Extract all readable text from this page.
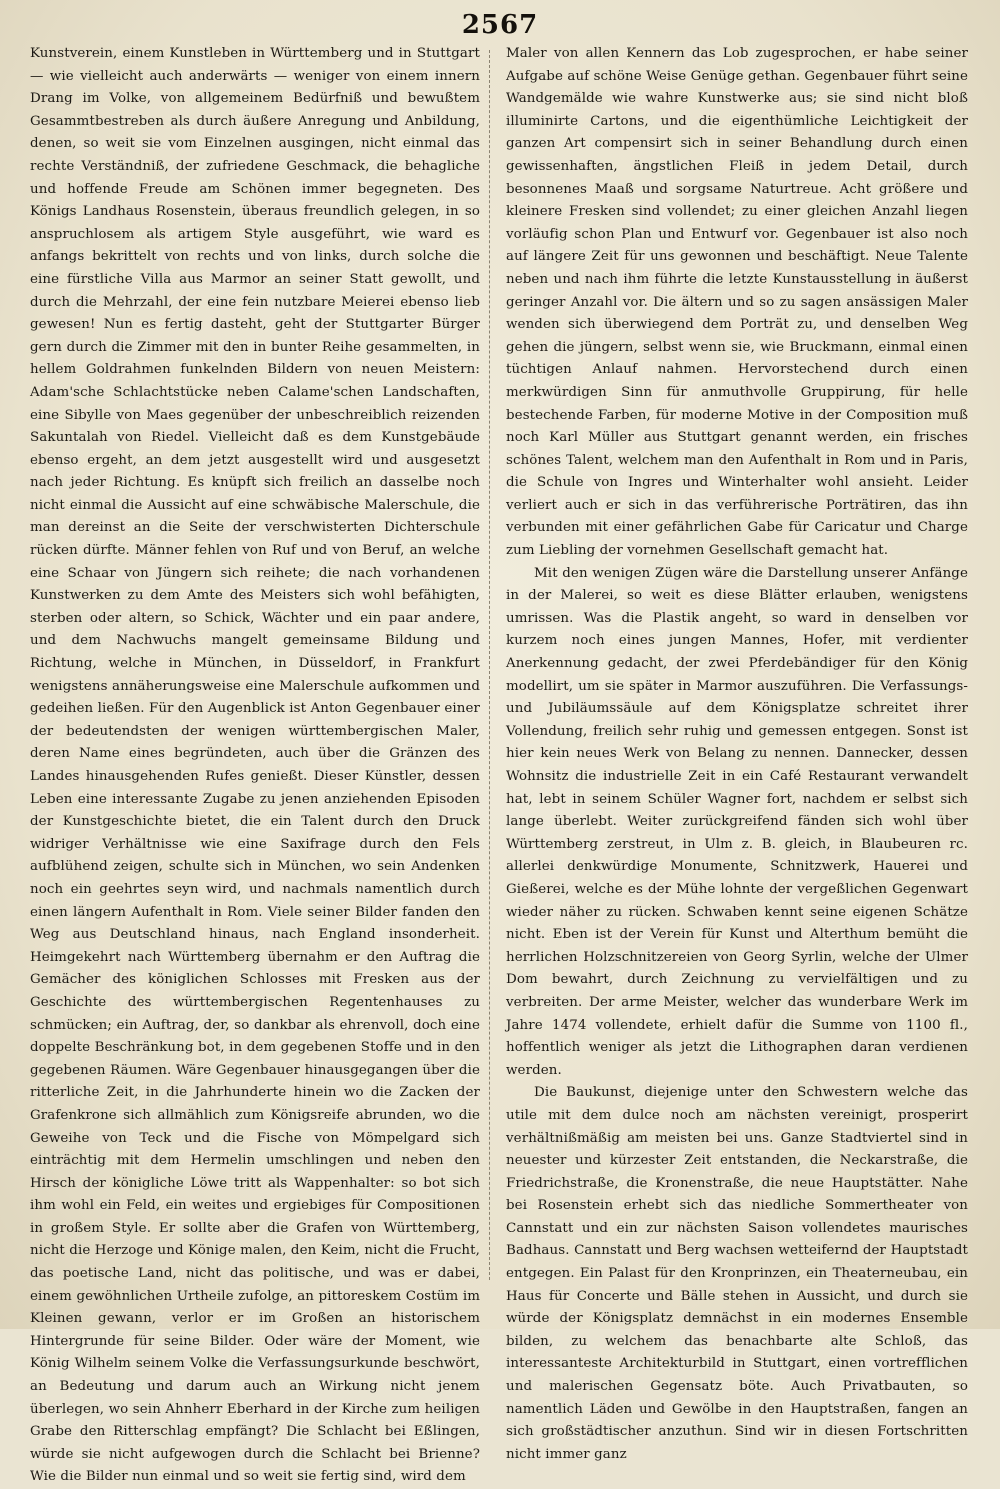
2567

Kunstverein, einem Kunstleben in Württemberg und in Stuttgart — wie vielleicht auch anderwärts — weniger von einem innern Drang im Volke, von allgemeinem Bedürfniß und bewußtem Gesammtbestreben als durch äußere Anregung und Anbildung, denen, so weit sie vom Einzelnen ausgingen, nicht einmal das rechte Verständniß, der zufriedene Geschmack, die behagliche und hoffende Freude am Schönen immer begegneten. Des Königs Landhaus Rosenstein, überaus freundlich gelegen, in so anspruchlosem als artigem Style ausgeführt, wie ward es anfangs bekrittelt von rechts und von links, durch solche die eine fürstliche Villa aus Marmor an seiner Statt gewollt, und durch die Mehrzahl, der eine fein nutzbare Meierei ebenso lieb gewesen! Nun es fertig dasteht, geht der Stuttgarter Bürger gern durch die Zimmer mit den in bunter Reihe gesammelten, in hellem Goldrahmen funkelnden Bildern von neuen Meistern: Adam'sche Schlachtstücke neben Calame'schen Landschaften, eine Sibylle von Maes gegenüber der unbeschreiblich reizenden Sakuntalah von Riedel. Vielleicht daß es dem Kunstgebäude ebenso ergeht, an dem jetzt ausgestellt wird und ausgesetzt nach jeder Richtung. Es knüpft sich freilich an dasselbe noch nicht einmal die Aussicht auf eine schwäbische Malerschule, die man dereinst an die Seite der verschwisterten Dichterschule rücken dürfte. Männer fehlen von Ruf und von Beruf, an welche eine Schaar von Jüngern sich reihete; die nach vorhandenen Kunstwerken zu dem Amte des Meisters sich wohl befähigten, sterben oder altern, so Schick, Wächter und ein paar andere, und dem Nachwuchs mangelt gemeinsame Bildung und Richtung, welche in München, in Düsseldorf, in Frankfurt wenigstens annäherungsweise eine Malerschule aufkommen und gedeihen ließen. Für den Augenblick ist Anton Gegenbauer einer der bedeutendsten der wenigen württembergischen Maler, deren Name eines begründeten, auch über die Gränzen des Landes hinausgehenden Rufes genießt. Dieser Künstler, dessen Leben eine interessante Zugabe zu jenen anziehenden Episoden der Kunstgeschichte bietet, die ein Talent durch den Druck widriger Verhältnisse wie eine Saxifrage durch den Fels aufblühend zeigen, schulte sich in München, wo sein Andenken noch ein geehrtes seyn wird, und nachmals namentlich durch einen längern Aufenthalt in Rom. Viele seiner Bilder fanden den Weg aus Deutschland hinaus, nach England insonderheit. Heimgekehrt nach Württemberg übernahm er den Auftrag die Gemächer des königlichen Schlosses mit Fresken aus der Geschichte des württembergischen Regentenhauses zu schmücken; ein Auftrag, der, so dankbar als ehrenvoll, doch eine doppelte Beschränkung bot, in dem gegebenen Stoffe und in den gegebenen Räumen. Wäre Gegenbauer hinausgegangen über die ritterliche Zeit, in die Jahrhunderte hinein wo die Zacken der Grafenkrone sich allmählich zum Königsreife abrunden, wo die Geweihe von Teck und die Fische von Mömpelgard sich einträchtig mit dem Hermelin umschlingen und neben den Hirsch der königliche Löwe tritt als Wappenhalter: so bot sich ihm wohl ein Feld, ein weites und ergiebiges für Compositionen in großem Style. Er sollte aber die Grafen von Württemberg, nicht die Herzoge und Könige malen, den Keim, nicht die Frucht, das poetische Land, nicht das politische, und was er dabei, einem gewöhnlichen Urtheile zufolge, an pittoreskem Costüm im Kleinen gewann, verlor er im Großen an historischem Hintergrunde für seine Bilder. Oder wäre der Moment, wie König Wilhelm seinem Volke die Verfassungsurkunde beschwört, an Bedeutung und darum auch an Wirkung nicht jenem überlegen, wo sein Ahnherr Eberhard in der Kirche zum heiligen Grabe den Ritterschlag empfängt? Die Schlacht bei Eßlingen, würde sie nicht aufgewogen durch die Schlacht bei Brienne? Wie die Bilder nun einmal und so weit sie fertig sind, wird dem

Maler von allen Kennern das Lob zugesprochen, er habe seiner Aufgabe auf schöne Weise Genüge gethan. Gegenbauer führt seine Wandgemälde wie wahre Kunstwerke aus; sie sind nicht bloß illuminirte Cartons, und die eigenthümliche Leichtigkeit der ganzen Art compensirt sich in seiner Behandlung durch einen gewissenhaften, ängstlichen Fleiß in jedem Detail, durch besonnenes Maaß und sorgsame Naturtreue. Acht größere und kleinere Fresken sind vollendet; zu einer gleichen Anzahl liegen vorläufig schon Plan und Entwurf vor. Gegenbauer ist also noch auf längere Zeit für uns gewonnen und beschäftigt. Neue Talente neben und nach ihm führte die letzte Kunstausstellung in äußerst geringer Anzahl vor. Die ältern und so zu sagen ansässigen Maler wenden sich überwiegend dem Porträt zu, und denselben Weg gehen die jüngern, selbst wenn sie, wie Bruckmann, einmal einen tüchtigen Anlauf nahmen. Hervorstechend durch einen merkwürdigen Sinn für anmuthvolle Gruppirung, für helle bestechende Farben, für moderne Motive in der Composition muß noch Karl Müller aus Stuttgart genannt werden, ein frisches schönes Talent, welchem man den Aufenthalt in Rom und in Paris, die Schule von Ingres und Winterhalter wohl ansieht. Leider verliert auch er sich in das verführerische Porträtiren, das ihn verbunden mit einer gefährlichen Gabe für Caricatur und Charge zum Liebling der vornehmen Gesellschaft gemacht hat.

Mit den wenigen Zügen wäre die Darstellung unserer Anfänge in der Malerei, so weit es diese Blätter erlauben, wenigstens umrissen. Was die Plastik angeht, so ward in denselben vor kurzem noch eines jungen Mannes, Hofer, mit verdienter Anerkennung gedacht, der zwei Pferdebändiger für den König modellirt, um sie später in Marmor auszuführen. Die Verfassungs- und Jubiläumssäule auf dem Königsplatze schreitet ihrer Vollendung, freilich sehr ruhig und gemessen entgegen. Sonst ist hier kein neues Werk von Belang zu nennen. Dannecker, dessen Wohnsitz die industrielle Zeit in ein Café Restaurant verwandelt hat, lebt in seinem Schüler Wagner fort, nachdem er selbst sich lange überlebt. Weiter zurückgreifend fänden sich wohl über Württemberg zerstreut, in Ulm z. B. gleich, in Blaubeuren rc. allerlei denkwürdige Monumente, Schnitzwerk, Hauerei und Gießerei, welche es der Mühe lohnte der vergeßlichen Gegenwart wieder näher zu rücken. Schwaben kennt seine eigenen Schätze nicht. Eben ist der Verein für Kunst und Alterthum bemüht die herrlichen Holzschnitzereien von Georg Syrlin, welche der Ulmer Dom bewahrt, durch Zeichnung zu vervielfältigen und zu verbreiten. Der arme Meister, welcher das wunderbare Werk im Jahre 1474 vollendete, erhielt dafür die Summe von 1100 fl., hoffentlich weniger als jetzt die Lithographen daran verdienen werden.

Die Baukunst, diejenige unter den Schwestern welche das utile mit dem dulce noch am nächsten vereinigt, prosperirt verhältnißmäßig am meisten bei uns. Ganze Stadtviertel sind in neuester und kürzester Zeit entstanden, die Neckarstraße, die Friedrichstraße, die Kronenstraße, die neue Hauptstätter. Nahe bei Rosenstein erhebt sich das niedliche Sommertheater von Cannstatt und ein zur nächsten Saison vollendetes maurisches Badhaus. Cannstatt und Berg wachsen wetteifernd der Hauptstadt entgegen. Ein Palast für den Kronprinzen, ein Theaterneubau, ein Haus für Concerte und Bälle stehen in Aussicht, und durch sie würde der Königsplatz demnächst in ein modernes Ensemble bilden, zu welchem das benachbarte alte Schloß, das interessanteste Architekturbild in Stuttgart, einen vortrefflichen und malerischen Gegensatz böte. Auch Privatbauten, so namentlich Läden und Gewölbe in den Hauptstraßen, fangen an sich großstädtischer anzuthun. Sind wir in diesen Fortschritten nicht immer ganz
